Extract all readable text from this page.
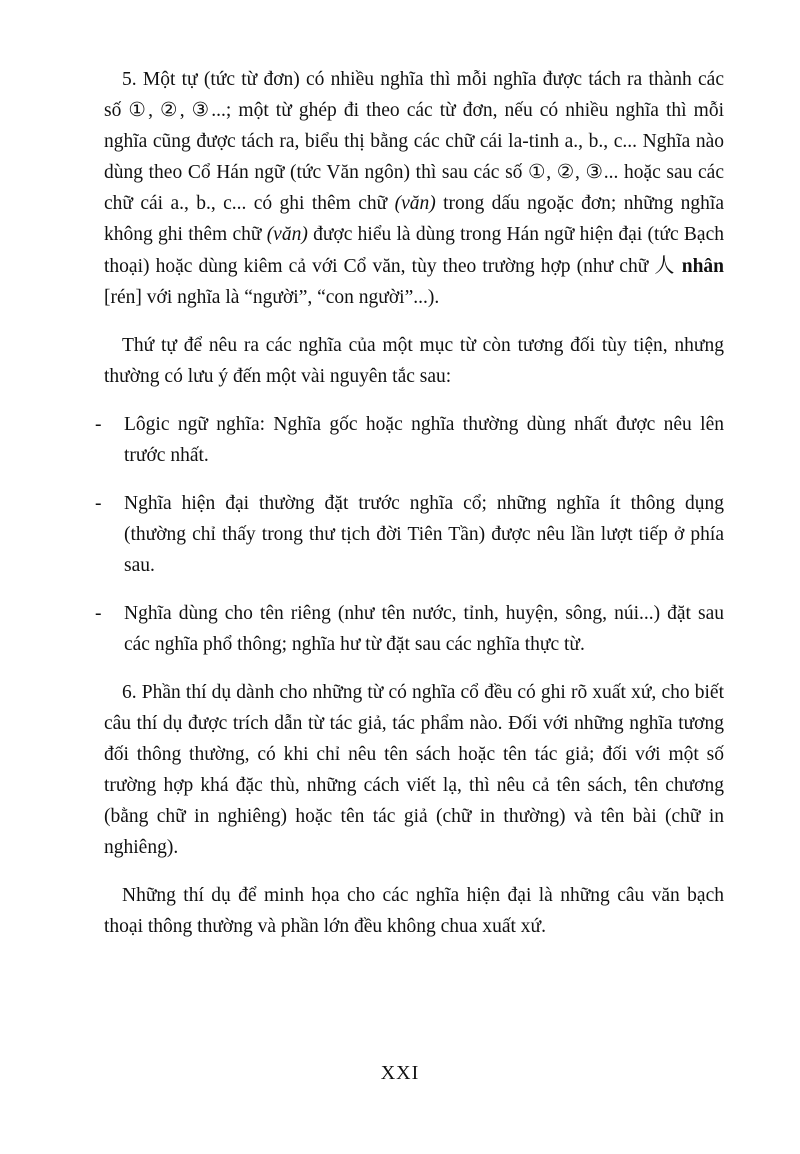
5. Một tự (tức từ đơn) có nhiều nghĩa thì mỗi nghĩa được tách ra thành các số ①, ②, ③...; một từ ghép đi theo các từ đơn, nếu có nhiều nghĩa thì mỗi nghĩa cũng được tách ra, biểu thị bằng các chữ cái la-tinh a., b., c... Nghĩa nào dùng theo Cổ Hán ngữ (tức Văn ngôn) thì sau các số ①, ②, ③... hoặc sau các chữ cái a., b., c... có ghi thêm chữ (văn) trong dấu ngoặc đơn; những nghĩa không ghi thêm chữ (văn) được hiểu là dùng trong Hán ngữ hiện đại (tức Bạch thoại) hoặc dùng kiêm cả với Cổ văn, tùy theo trường hợp (như chữ 人 nhân [rén] với nghĩa là “người”, “con người”...).

Thứ tự để nêu ra các nghĩa của một mục từ còn tương đối tùy tiện, nhưng thường có lưu ý đến một vài nguyên tắc sau:

- Lôgic ngữ nghĩa: Nghĩa gốc hoặc nghĩa thường dùng nhất được nêu lên trước nhất.
- Nghĩa hiện đại thường đặt trước nghĩa cổ; những nghĩa ít thông dụng (thường chỉ thấy trong thư tịch đời Tiên Tần) được nêu lần lượt tiếp ở phía sau.
- Nghĩa dùng cho tên riêng (như tên nước, tỉnh, huyện, sông, núi...) đặt sau các nghĩa phổ thông; nghĩa hư từ đặt sau các nghĩa thực từ.

6. Phần thí dụ dành cho những từ có nghĩa cổ đều có ghi rõ xuất xứ, cho biết câu thí dụ được trích dẫn từ tác giả, tác phẩm nào. Đối với những nghĩa tương đối thông thường, có khi chỉ nêu tên sách hoặc tên tác giả; đối với một số trường hợp khá đặc thù, những cách viết lạ, thì nêu cả tên sách, tên chương (bằng chữ in nghiêng) hoặc tên tác giả (chữ in thường) và tên bài (chữ in nghiêng).

Những thí dụ để minh họa cho các nghĩa hiện đại là những câu văn bạch thoại thông thường và phần lớn đều không chua xuất xứ.

XXI
